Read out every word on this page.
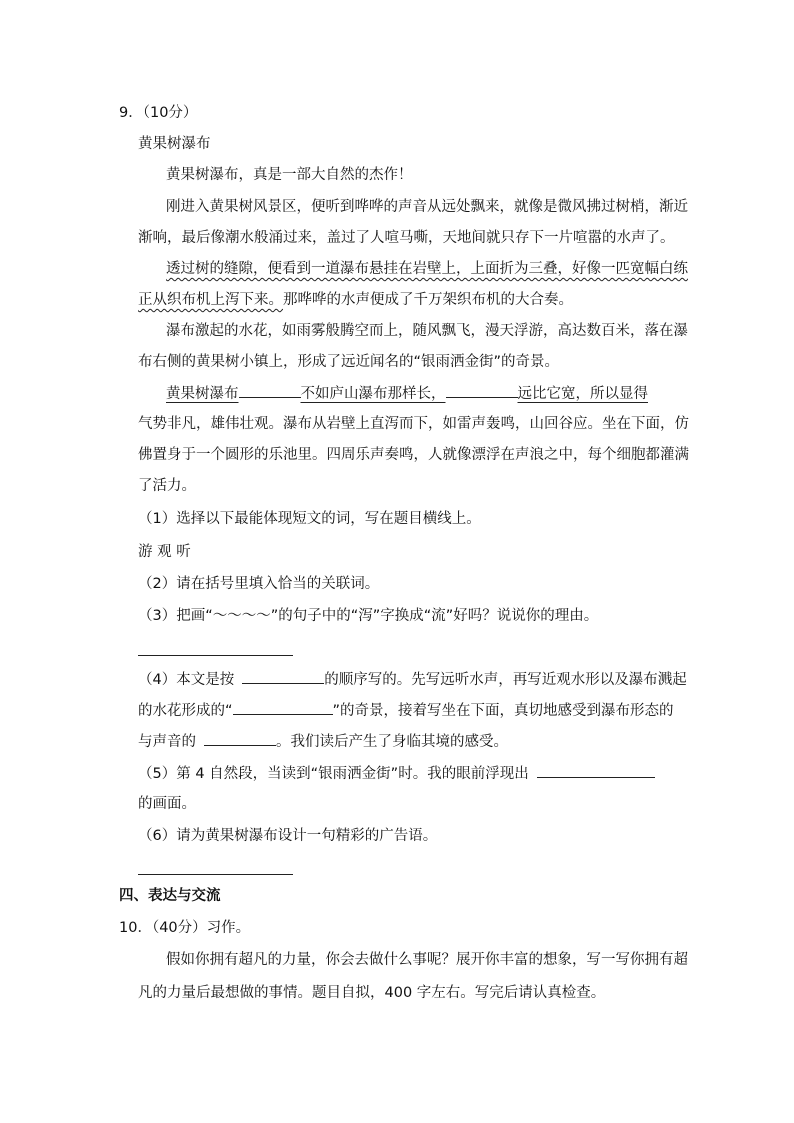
9．（10分）
黄果树瀑布
黄果树瀑布，真是一部大自然的杰作！
刚进入黄果树风景区，便听到哗哗的声音从远处飘来，就像是微风拂过树梢，渐近
渐响，最后像潮水般涌过来，盖过了人喧马嘶，天地间就只存下一片喧嚣的水声了。
透过树的缝隙，便看到一道瀑布悬挂在岩壁上，上面折为三叠，好像一匹宽幅白练
正从织布机上泻下来。那哗哗的水声便成了千万架织布机的大合奏。
瀑布激起的水花，如雨雾般腾空而上，随风飘飞，漫天浮游，高达数百米，落在瀑
布右侧的黄果树小镇上，形成了远近闻名的“银雨洒金街”的奇景。
黄果树瀑布	不如庐山瀑布那样长，	远比它宽，所以显得
气势非凡，雄伟壮观。瀑布从岩壁上直泻而下，如雷声轰鸣，山回谷应。坐在下面，仿
佛置身于一个圆形的乐池里。四周乐声奏鸣，人就像漂浮在声浪之中，每个细胞都灌满
了活力。
（1）选择以下最能体现短文的词，写在题目横线上。
游 观 听
（2）请在括号里填入恰当的关联词。
（3）把画“～～～～”的句子中的“泻”字换成“流”好吗？说说你的理由。
（4）本文是按	的顺序写的。先写远听水声，再写近观水形以及瀑布溅起
的水花形成的“	”的奇景，接着写坐在下面，真切地感受到瀑布形态的
与声音的	。我们读后产生了身临其境的感受。
（5）第 4 自然段，当读到“银雨洒金街”时。我的眼前浮现出
的画面。
（6）请为黄果树瀑布设计一句精彩的广告语。
四、表达与交流
10．（40分）习作。
假如你拥有超凡的力量，你会去做什么事呢？展开你丰富的想象，写一写你拥有超
凡的力量后最想做的事情。题目自拟，400 字左右。写完后请认真检查。
